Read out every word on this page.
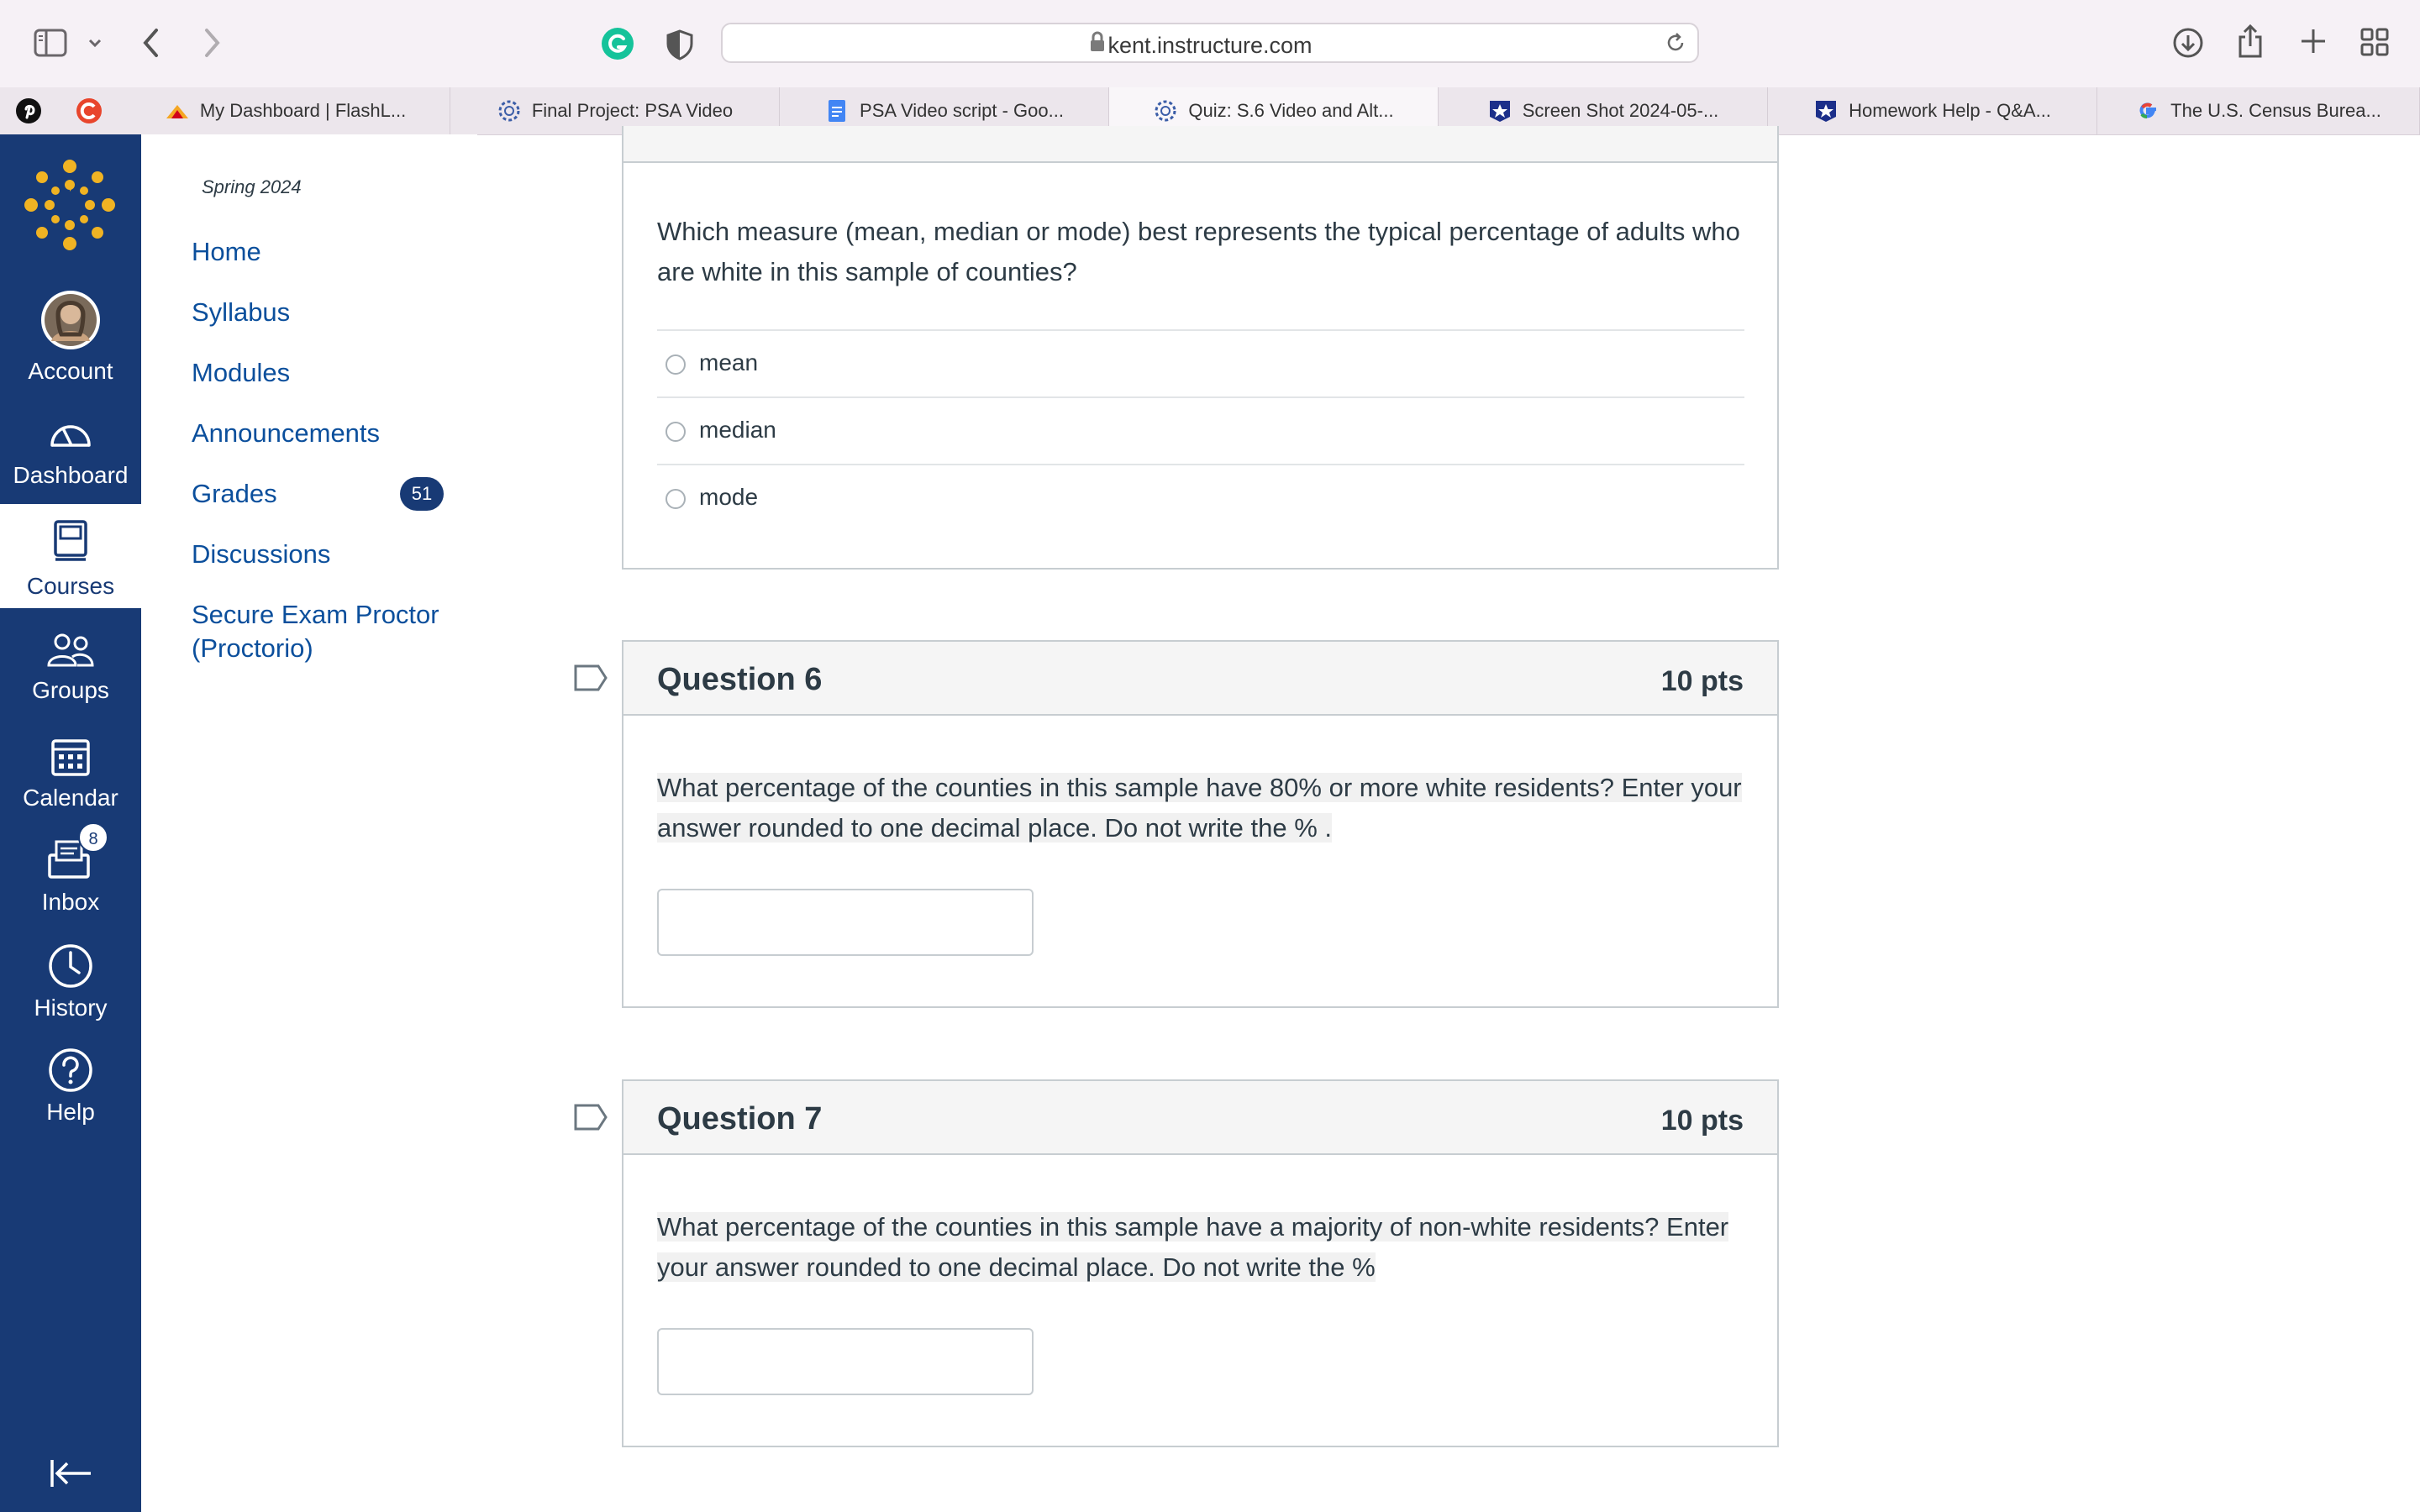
kent.instructure.com
My Dashboard | FlashL...	Final Project: PSA Video	PSA Video script - Goo...	Quiz: S.6 Video and Alt...	Screen Shot 2024-05-...	Homework Help - Q&A...	The U.S. Census Burea...
Account
Dashboard
Courses
Groups
Calendar
8
Inbox
History
Help
Spring 2024
Home
Syllabus
Modules
Announcements
Grades
Discussions
Secure Exam Proctor (Proctorio)
51
Which measure (mean, median or mode) best represents the typical percentage of adults who are white in this sample of counties?
mean
median
mode
Question 6	10 pts
What percentage of the counties in this sample have 80% or more white residents? Enter your answer rounded to one decimal place. Do not write the % .
Question 7	10 pts
What percentage of the counties in this sample have a majority of non-white residents? Enter your answer rounded to one decimal place. Do not write the %
